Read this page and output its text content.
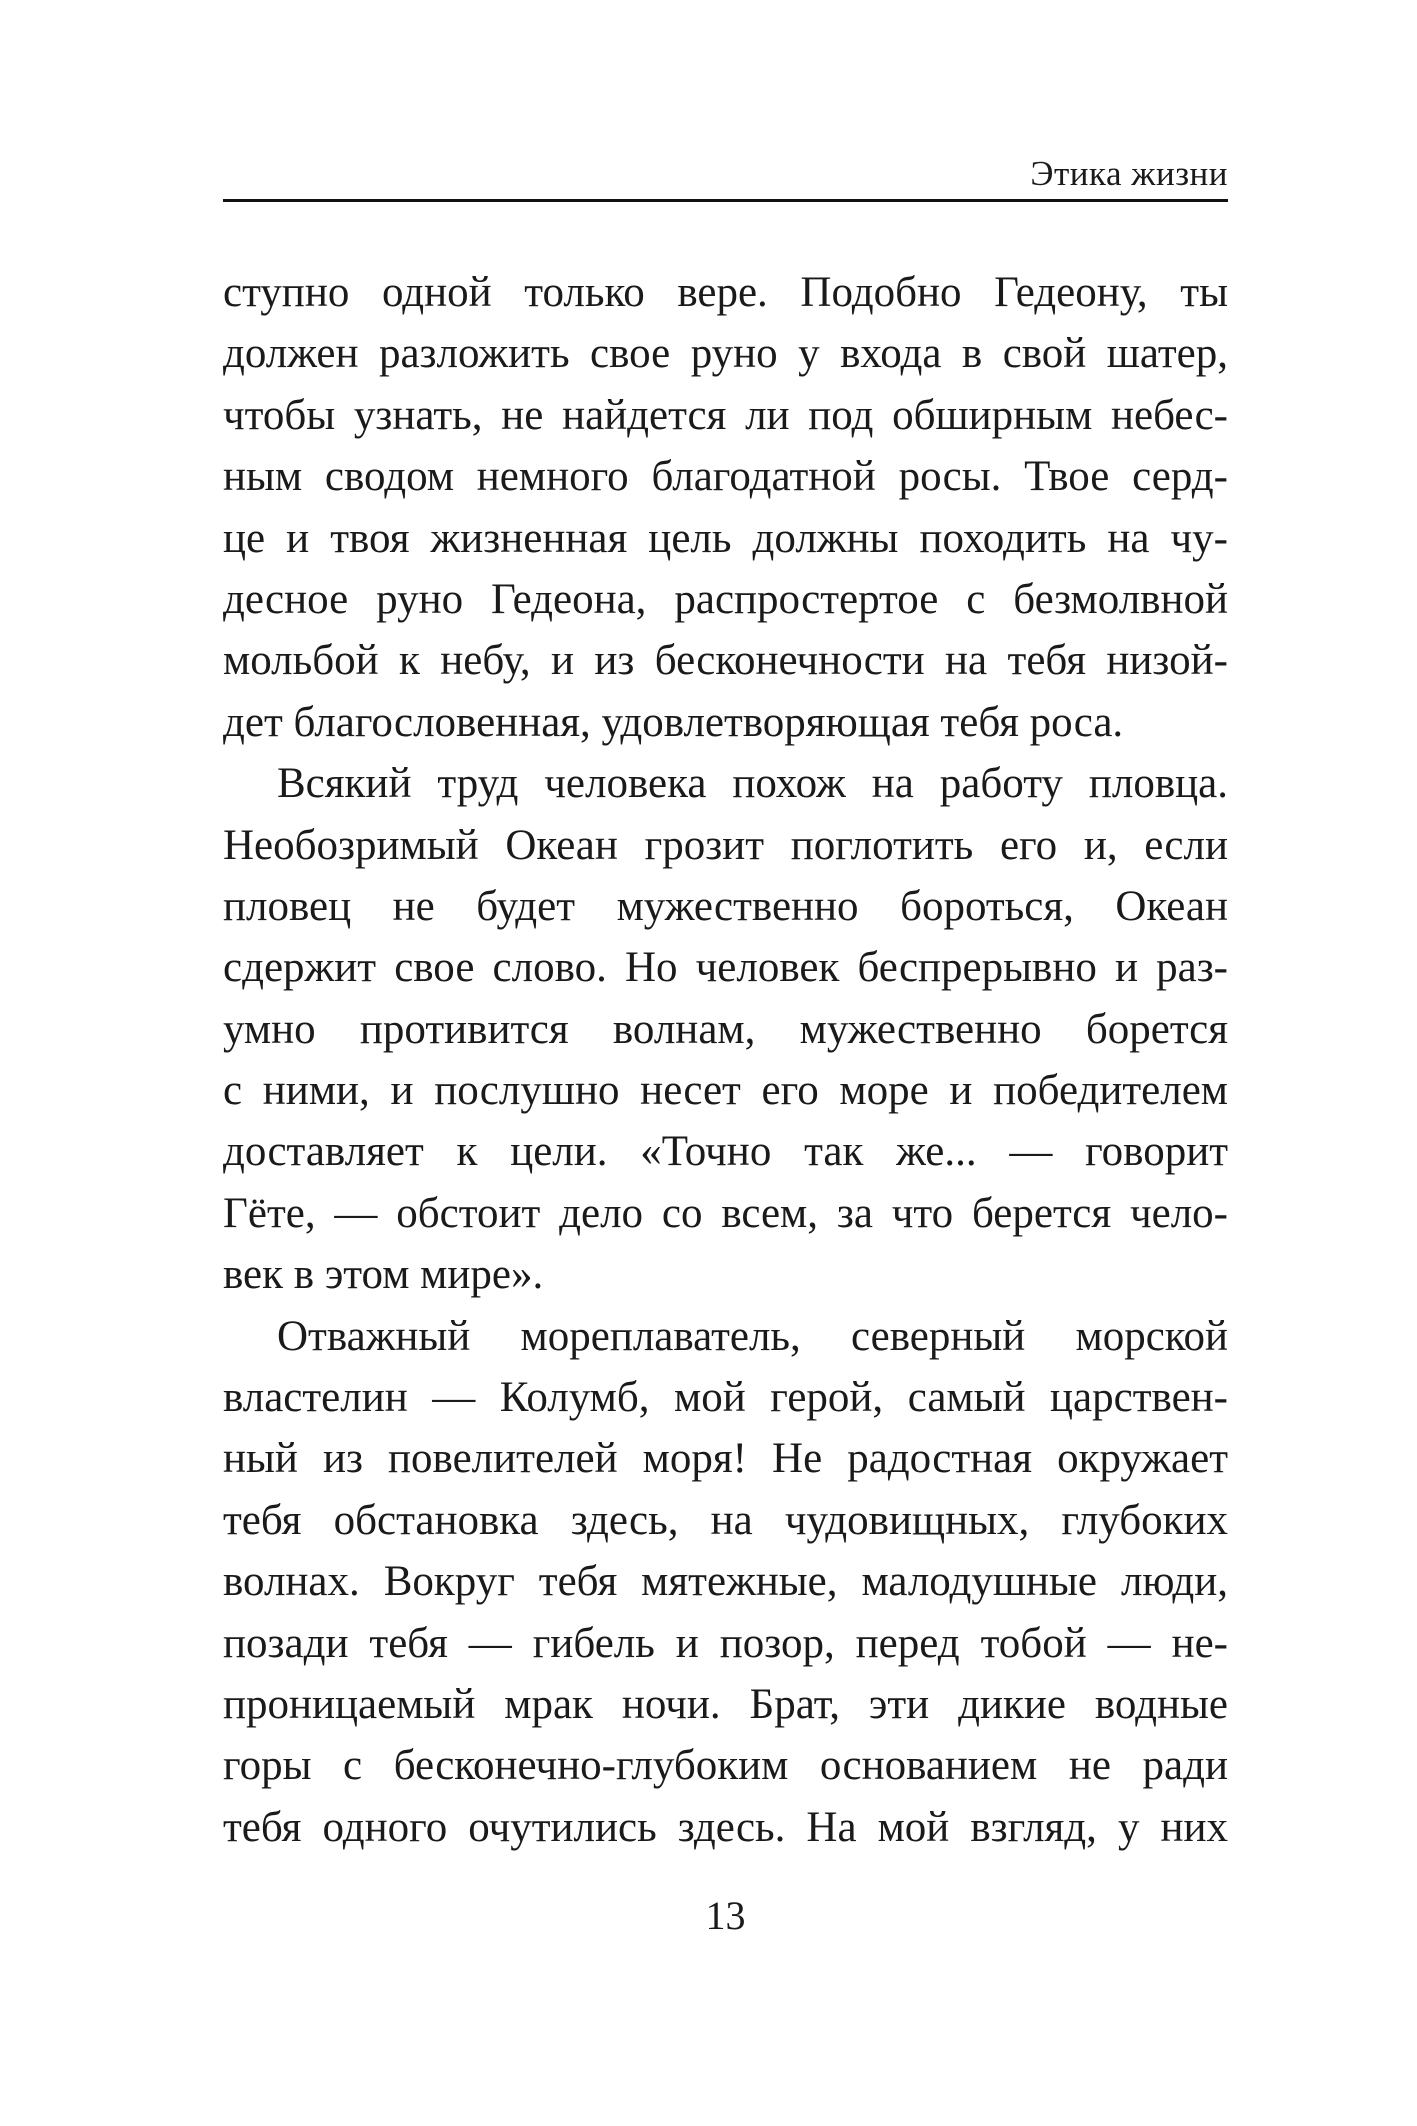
Этика жизни
ступно одной только вере. Подобно Гедеону, ты
должен разложить свое руно у входа в свой шатер,
чтобы узнать, не найдется ли под обширным небес-
ным сводом немного благодатной росы. Твое серд-
це и твоя жизненная цель должны походить на чу-
десное руно Гедеона, распростертое с безмолвной
мольбой к небу, и из бесконечности на тебя низой-
дет благословенная, удовлетворяющая тебя роса.
Всякий труд человека похож на работу пловца.
Необозримый Океан грозит поглотить его и, если
пловец не будет мужественно бороться, Океан
сдержит свое слово. Но человек беспрерывно и раз-
умно противится волнам, мужественно борется
с ними, и послушно несет его море и победителем
доставляет к цели. «Точно так же... — говорит
Гёте, — обстоит дело со всем, за что берется чело-
век в этом мире».
Отважный мореплаватель, северный морской
властелин — Колумб, мой герой, самый царствен-
ный из повелителей моря! Не радостная окружает
тебя обстановка здесь, на чудовищных, глубоких
волнах. Вокруг тебя мятежные, малодушные люди,
позади тебя — гибель и позор, перед тобой — не-
проницаемый мрак ночи. Брат, эти дикие водные
горы с бесконечно-глубоким основанием не ради
тебя одного очутились здесь. На мой взгляд, у них
13
